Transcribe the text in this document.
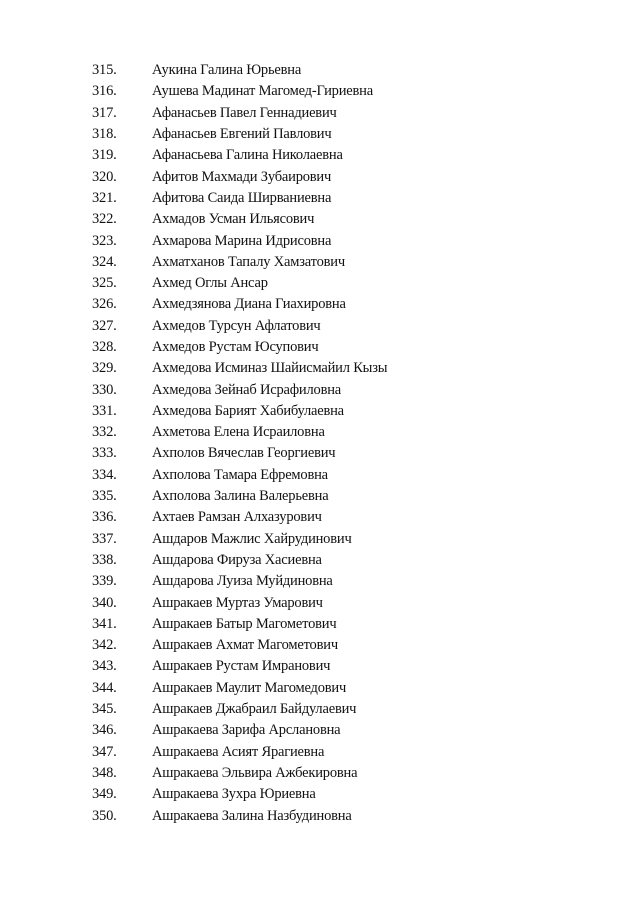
315.	Аукина Галина Юрьевна
316.	Аушева Мадинат Магомед-Гириевна
317.	Афанасьев Павел Геннадиевич
318.	Афанасьев Евгений Павлович
319.	Афанасьева Галина Николаевна
320.	Афитов Махмади Зубаирович
321.	Афитова Саида Ширваниевна
322.	Ахмадов Усман Ильясович
323.	Ахмарова Марина Идрисовна
324.	Ахматханов Тапалу Хамзатович
325.	Ахмед Оглы Ансар
326.	Ахмедзянова Диана Гиахировна
327.	Ахмедов Турсун Афлатович
328.	Ахмедов Рустам Юсупович
329.	Ахмедова Исминаз Шайисмайил Кызы
330.	Ахмедова Зейнаб Исрафиловна
331.	Ахмедова Барият Хабибулаевна
332.	Ахметова Елена Исраиловна
333.	Ахполов Вячеслав Георгиевич
334.	Ахполова Тамара Ефремовна
335.	Ахполова Залина Валерьевна
336.	Ахтаев Рамзан Алхазурович
337.	Ашдаров Мажлис Хайрудинович
338.	Ашдарова Фируза Хасиевна
339.	Ашдарова Луиза Муйдиновна
340.	Ашракаев Муртаз Умарович
341.	Ашракаев Батыр Магометович
342.	Ашракаев Ахмат Магометович
343.	Ашракаев Рустам Имранович
344.	Ашракаев Маулит Магомедович
345.	Ашракаев Джабраил Байдулаевич
346.	Ашракаева Зарифа Арслановна
347.	Ашракаева Асият Ярагиевна
348.	Ашракаева Эльвира Ажбекировна
349.	Ашракаева Зухра Юриевна
350.	Ашракаева Залина Назбудиновна
